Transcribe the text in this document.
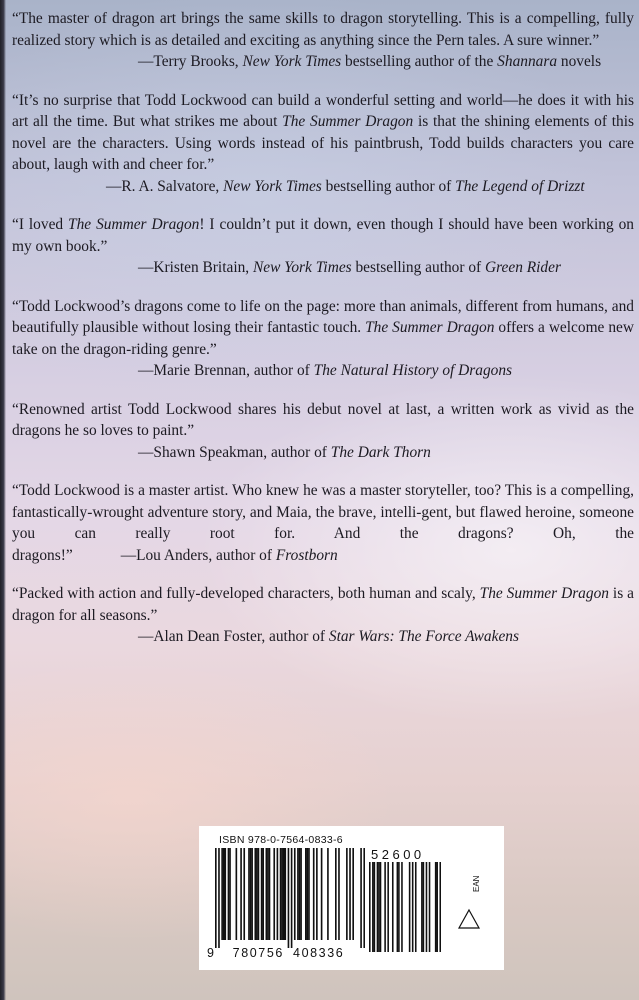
“The master of dragon art brings the same skills to dragon storytelling. This is a compelling, fully realized story which is as detailed and exciting as anything since the Pern tales. A sure winner.”
—Terry Brooks, New York Times bestselling author of the Shannara novels
“It’s no surprise that Todd Lockwood can build a wonderful setting and world—he does it with his art all the time. But what strikes me about The Summer Dragon is that the shining elements of this novel are the characters. Using words instead of his paintbrush, Todd builds characters you care about, laugh with and cheer for.”
—R. A. Salvatore, New York Times bestselling author of The Legend of Drizzt
“I loved The Summer Dragon! I couldn’t put it down, even though I should have been working on my own book.”
—Kristen Britain, New York Times bestselling author of Green Rider
“Todd Lockwood’s dragons come to life on the page: more than animals, different from humans, and beautifully plausible without losing their fantastic touch. The Summer Dragon offers a welcome new take on the dragon-riding genre.”
—Marie Brennan, author of The Natural History of Dragons
“Renowned artist Todd Lockwood shares his debut novel at last, a written work as vivid as the dragons he so loves to paint.”
—Shawn Speakman, author of The Dark Thorn
“Todd Lockwood is a master artist. Who knew he was a master storyteller, too? This is a compelling, fantastically-wrought adventure story, and Maia, the brave, intelli-gent, but flawed heroine, someone you can really root for. And the dragons? Oh, the dragons!”	—Lou Anders, author of Frostborn
“Packed with action and fully-developed characters, both human and scaly, The Summer Dragon is a dragon for all seasons.”
—Alan Dean Foster, author of Star Wars: The Force Awakens
ISBN 978-0-7564-0833-6
52600
9 780756 408336
EAN
